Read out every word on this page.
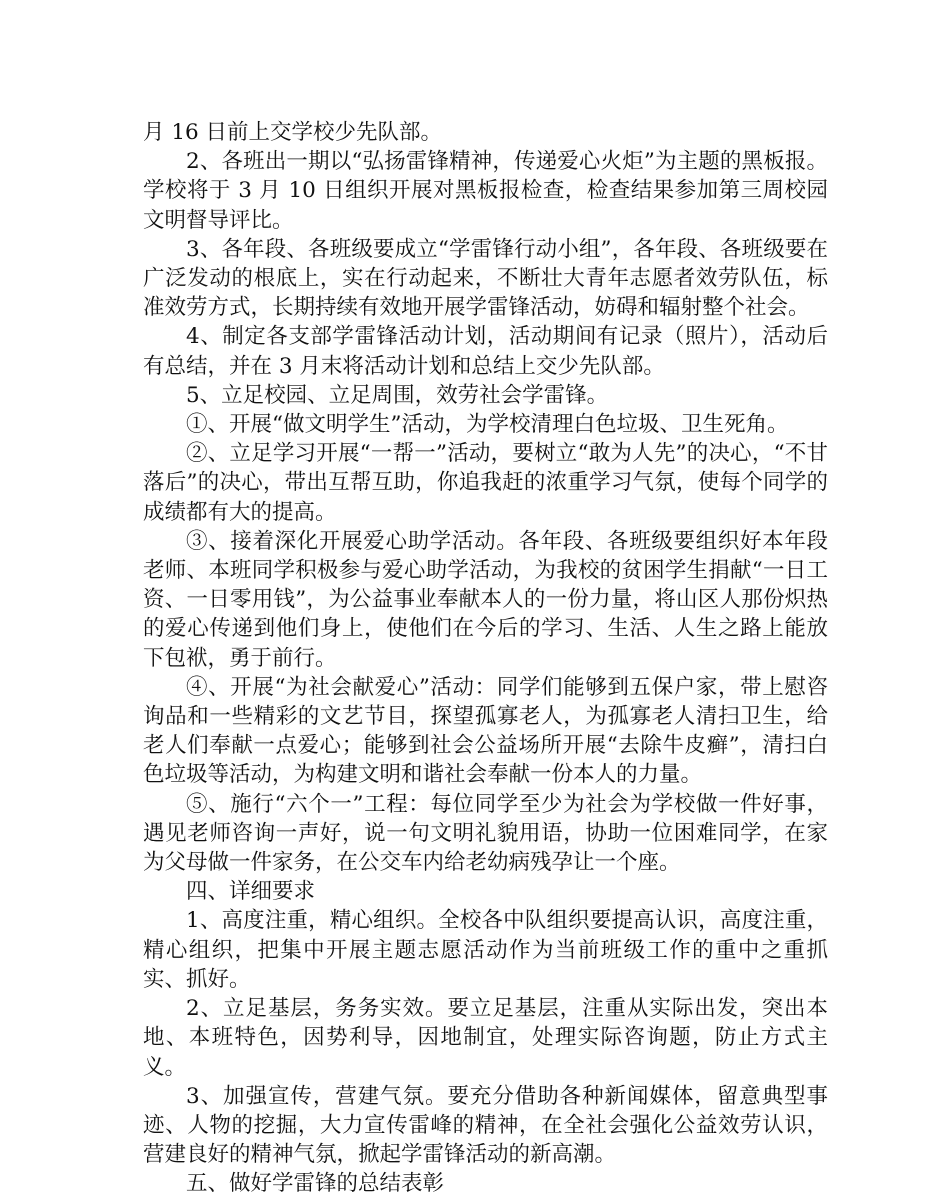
月 16 日前上交学校少先队部。

2、各班出一期以“弘扬雷锋精神，传递爱心火炬”为主题的黑板报。学校将于 3 月 10 日组织开展对黑板报检查，检查结果参加第三周校园文明督导评比。

3、各年段、各班级要成立“学雷锋行动小组”，各年段、各班级要在广泛发动的根底上，实在行动起来，不断壮大青年志愿者效劳队伍，标准效劳方式，长期持续有效地开展学雷锋活动，妨碍和辐射整个社会。

4、制定各支部学雷锋活动计划，活动期间有记录（照片），活动后有总结，并在 3 月末将活动计划和总结上交少先队部。

5、立足校园、立足周围，效劳社会学雷锋。

①、开展“做文明学生”活动，为学校清理白色垃圾、卫生死角。

②、立足学习开展“一帮一”活动，要树立“敢为人先”的决心，“不甘落后”的决心，带出互帮互助，你追我赶的浓重学习气氛，使每个同学的成绩都有大的提高。

③、接着深化开展爱心助学活动。各年段、各班级要组织好本年段老师、本班同学积极参与爱心助学活动，为我校的贫困学生捐献“一日工资、一日零用钱”，为公益事业奉献本人的一份力量，将山区人那份炽热的爱心传递到他们身上，使他们在今后的学习、生活、人生之路上能放下包袱，勇于前行。

④、开展“为社会献爱心”活动：同学们能够到五保户家，带上慰咨询品和一些精彩的文艺节目，探望孤寡老人，为孤寡老人清扫卫生，给老人们奉献一点爱心；能够到社会公益场所开展“去除牛皮癣”，清扫白色垃圾等活动，为构建文明和谐社会奉献一份本人的力量。

⑤、施行“六个一”工程：每位同学至少为社会为学校做一件好事，遇见老师咨询一声好，说一句文明礼貌用语，协助一位困难同学，在家为父母做一件家务，在公交车内给老幼病残孕让一个座。

四、详细要求

1、高度注重，精心组织。全校各中队组织要提高认识，高度注重，精心组织，把集中开展主题志愿活动作为当前班级工作的重中之重抓实、抓好。

2、立足基层，务务实效。要立足基层，注重从实际出发，突出本地、本班特色，因势利导，因地制宜，处理实际咨询题，防止方式主义。

3、加强宣传，营建气氛。要充分借助各种新闻媒体，留意典型事迹、人物的挖掘，大力宣传雷峰的精神，在全社会强化公益效劳认识，营建良好的精神气氛，掀起学雷锋活动的新高潮。

五、做好学雷锋的总结表彰
